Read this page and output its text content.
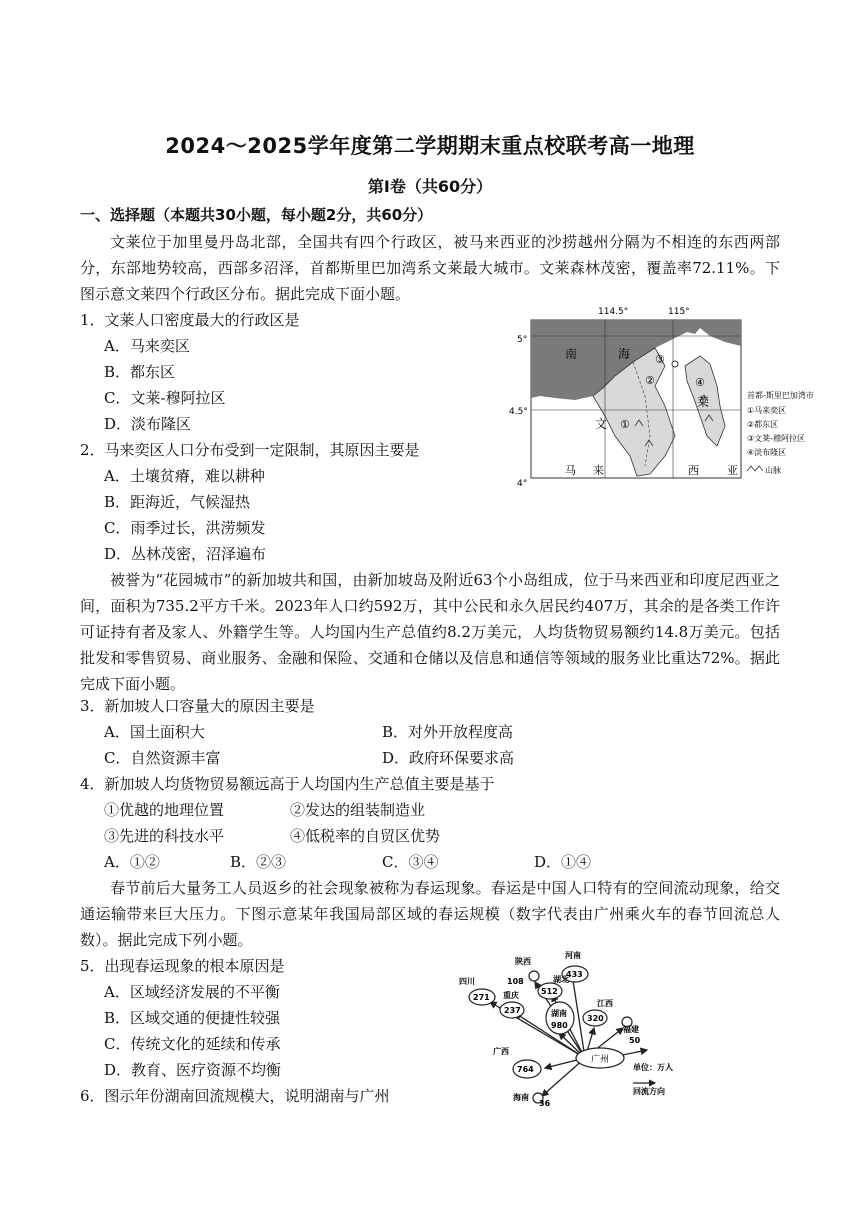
2024～2025学年度第二学期期末重点校联考高一地理
第Ⅰ卷（共60分）
一、选择题（本题共30小题，每小题2分，共60分）
文莱位于加里曼丹岛北部，全国共有四个行政区，被马来西亚的沙捞越州分隔为不相连的东西两部分，东部地势较高，西部多沼泽，首都斯里巴加湾系文莱最大城市。文莱森林茂密，覆盖率72.11%。下图示意文莱四个行政区分布。据此完成下面小题。
1．文莱人口密度最大的行政区是
A．马来奕区
B．都东区
C．文莱-穆阿拉区
D．淡布隆区
2．马来奕区人口分布受到一定限制，其原因主要是
A．土壤贫瘠，难以耕种
B．距海近，气候湿热
C．雨季过长，洪涝频发
D．丛林茂密，沼泽遍布
114.5°	115°
5°
4.5°
4°
南	海
文
莱
马 来	西	亚
①
②
③
④
首都-斯里巴加湾市
①马来奕区
②都东区
③文莱-穆阿拉区
④淡布隆区
山脉
被誉为“花园城市”的新加坡共和国，由新加坡岛及附近63个小岛组成，位于马来西亚和印度尼西亚之间，面积为735.2平方千米。2023年人口约592万，其中公民和永久居民约407万，其余的是各类工作许可证持有者及家人、外籍学生等。人均国内生产总值约8.2万美元，人均货物贸易额约14.8万美元。包括批发和零售贸易、商业服务、金融和保险、交通和仓储以及信息和通信等领域的服务业比重达72%。据此完成下面小题。
3．新加坡人口容量大的原因主要是
A．国土面积大	B．对外开放程度高
C．自然资源丰富	D．政府环保要求高
4．新加坡人均货物贸易额远高于人均国内生产总值主要是基于
①优越的地理位置	②发达的组装制造业
③先进的科技水平	④低税率的自贸区优势
A．①②	B．②③	C．③④	D．①④
春节前后大量务工人员返乡的社会现象被称为春运现象。春运是中国人口特有的空间流动现象，给交通运输带来巨大压力。下图示意某年我国局部区域的春运规模（数字代表由广州乘火车的春节回流总人数）。据此完成下列小题。
5．出现春运现象的根本原因是
A．区域经济发展的不平衡
B．区域交通的便捷性较强
C．传统文化的延续和传承
D．教育、医疗资源不均衡
6．图示年份湖南回流规模大，说明湖南与广州
广州
433
河南
陕西
108
512
湖北
271
四川
237
重庆
湖南
980
320
江西
福建
50
764
广西
海南
36
单位：万人
回流方向
